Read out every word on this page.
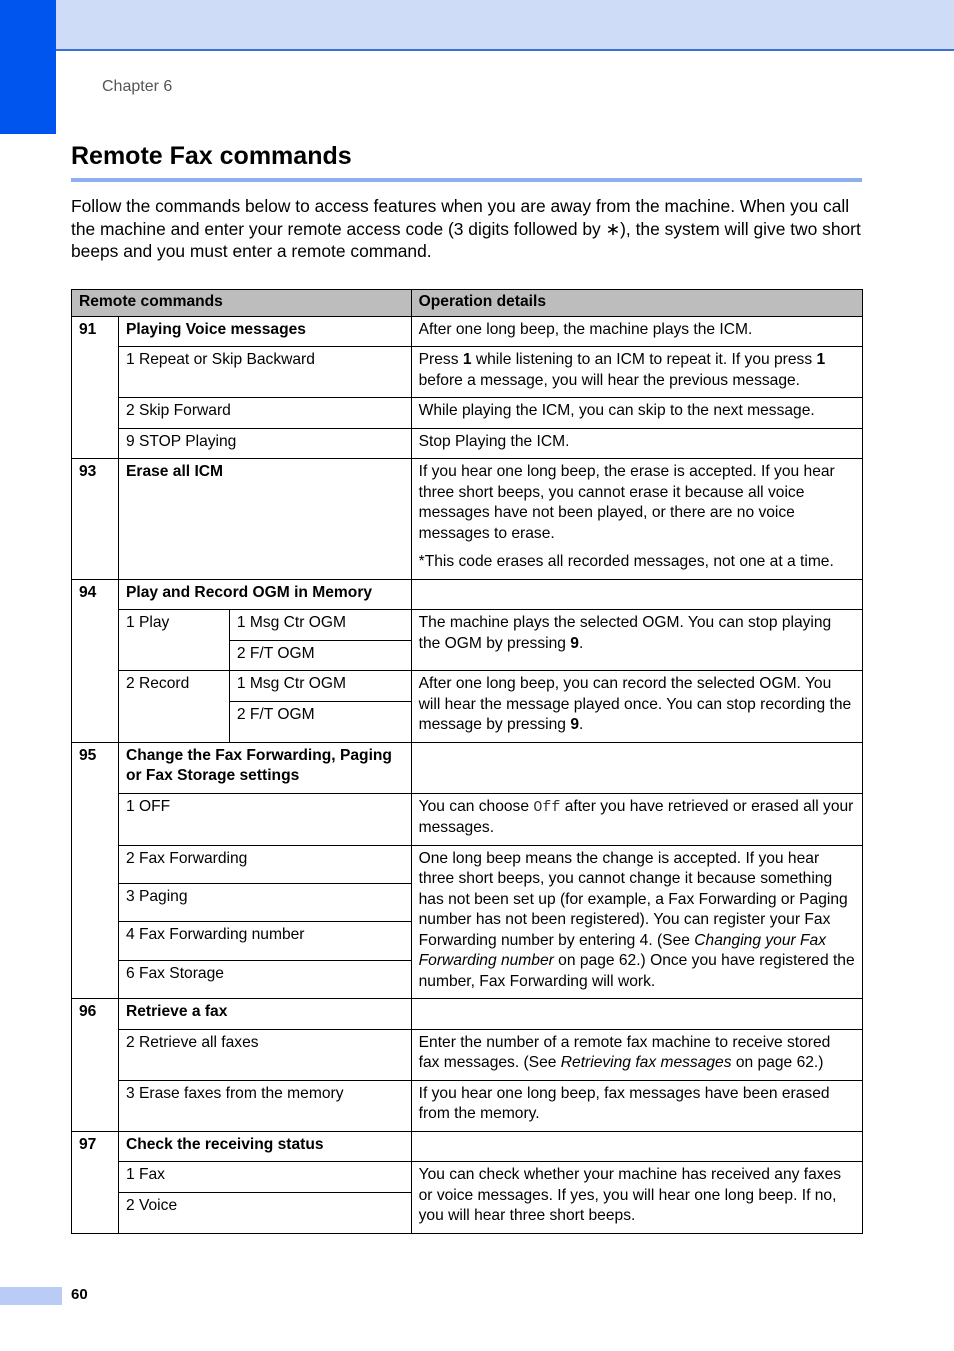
Chapter 6
Remote Fax commands

Follow the commands below to access features when you are away from the machine. When you call the machine and enter your remote access code (3 digits followed by ∗), the system will give two short beeps and you must enter a remote command.

Remote commands			Operation details
91	Playing Voice messages		After one long beep, the machine plays the ICM.
	1 Repeat or Skip Backward		Press 1 while listening to an ICM to repeat it. If you press 1 before a message, you will hear the previous message.
	2 Skip Forward		While playing the ICM, you can skip to the next message.
	9 STOP Playing		Stop Playing the ICM.
93	Erase all ICM		If you hear one long beep, the erase is accepted. If you hear three short beeps, you cannot erase it because all voice messages have not been played, or there are no voice messages to erase.
*This code erases all recorded messages, not one at a time.

94	Play and Record OGM in Memory		
	1 Play	1 Msg Ctr OGM	The machine plays the selected OGM. You can stop playing the OGM by pressing 9.
		2 F/T OGM	
	2 Record	1 Msg Ctr OGM	After one long beep, you can record the selected OGM. You will hear the message played once. You can stop recording the message by pressing 9.
		2 F/T OGM	
95	Change the Fax Forwarding, Paging or Fax Storage settings		
	1 OFF		You can choose Off after you have retrieved or erased all your messages.
	2 Fax Forwarding		One long beep means the change is accepted. If you hear three short beeps, you cannot change it because something has not been set up (for example, a Fax Forwarding or Paging number has not been registered). You can register your Fax Forwarding number by entering 4. (See Changing your Fax Forwarding number on page 62.) Once you have registered the number, Fax Forwarding will work.
	3 Paging		
	4 Fax Forwarding number		
	6 Fax Storage		
96	Retrieve a fax		
	2 Retrieve all faxes		Enter the number of a remote fax machine to receive stored fax messages. (See Retrieving fax messages on page 62.)
	3 Erase faxes from the memory		If you hear one long beep, fax messages have been erased from the memory.
97	Check the receiving status		
	1 Fax		You can check whether your machine has received any faxes or voice messages. If yes, you will hear one long beep. If no, you will hear three short beeps.
	2 Voice		
60
